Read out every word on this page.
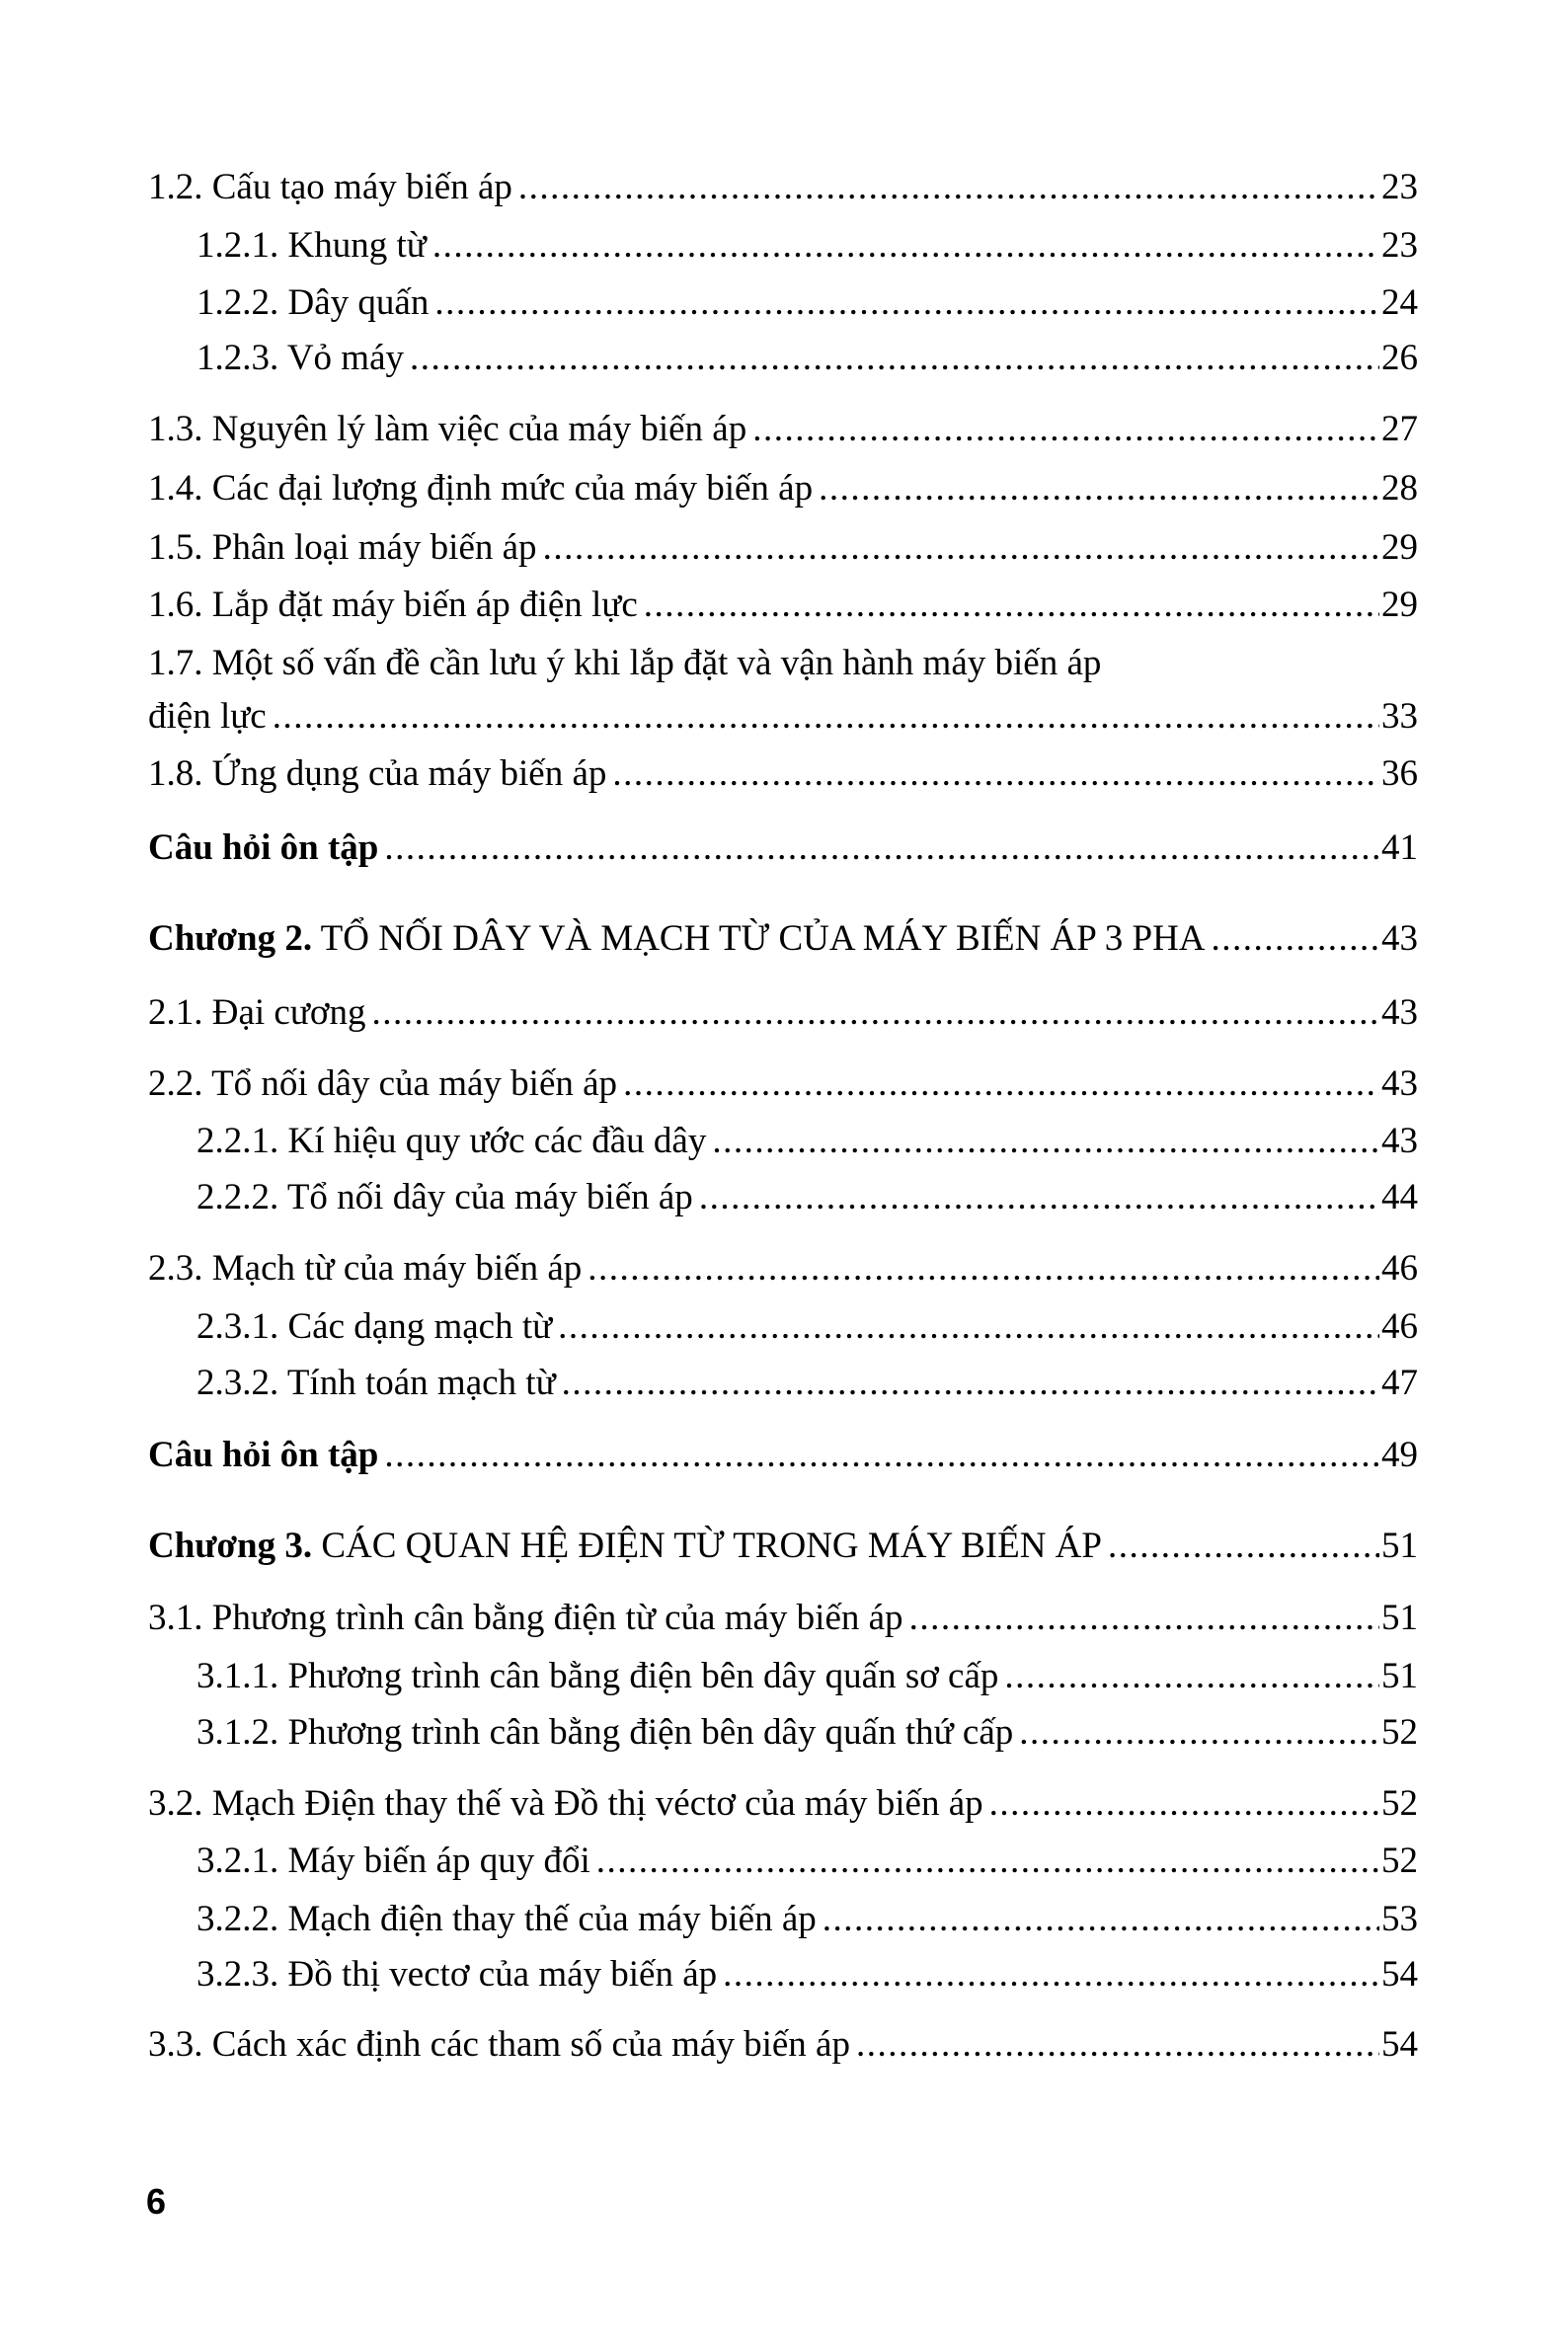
1.2. Cấu tạo máy biến áp .....	23
1.2.1. Khung từ .....	23
1.2.2. Dây quấn .....	24
1.2.3. Vỏ máy .....	26
1.3. Nguyên lý làm việc của máy biến áp .....	27
1.4. Các đại lượng định mức của máy biến áp .....	28
1.5. Phân loại máy biến áp .....	29
1.6. Lắp đặt máy biến áp điện lực .....	29
1.7. Một số vấn đề cần lưu ý khi lắp đặt và vận hành máy biến áp
điện lực .....	33
1.8. Ứng dụng của máy biến áp .....	36
Câu hỏi ôn tập .....	41
Chương 2. TỔ NỐI DÂY VÀ MẠCH TỪ CỦA MÁY BIẾN ÁP 3 PHA .....	43
2.1. Đại cương .....	43
2.2. Tổ nối dây của máy biến áp .....	43
2.2.1. Kí hiệu quy ước các đầu dây .....	43
2.2.2. Tổ nối dây của máy biến áp .....	44
2.3. Mạch từ của máy biến áp .....	46
2.3.1. Các dạng mạch từ .....	46
2.3.2. Tính toán mạch từ .....	47
Câu hỏi ôn tập .....	49
Chương 3. CÁC QUAN HỆ ĐIỆN TỪ TRONG MÁY BIẾN ÁP .....	51
3.1. Phương trình cân bằng điện từ của máy biến áp .....	51
3.1.1. Phương trình cân bằng điện bên dây quấn sơ cấp .....	51
3.1.2. Phương trình cân bằng điện bên dây quấn thứ cấp .....	52
3.2. Mạch Điện thay thế và Đồ thị véctơ của máy biến áp .....	52
3.2.1. Máy biến áp quy đổi .....	52
3.2.2. Mạch điện thay thế của máy biến áp .....	53
3.2.3. Đồ thị vectơ của máy biến áp .....	54
3.3. Cách xác định các tham số của máy biến áp .....	54
6
